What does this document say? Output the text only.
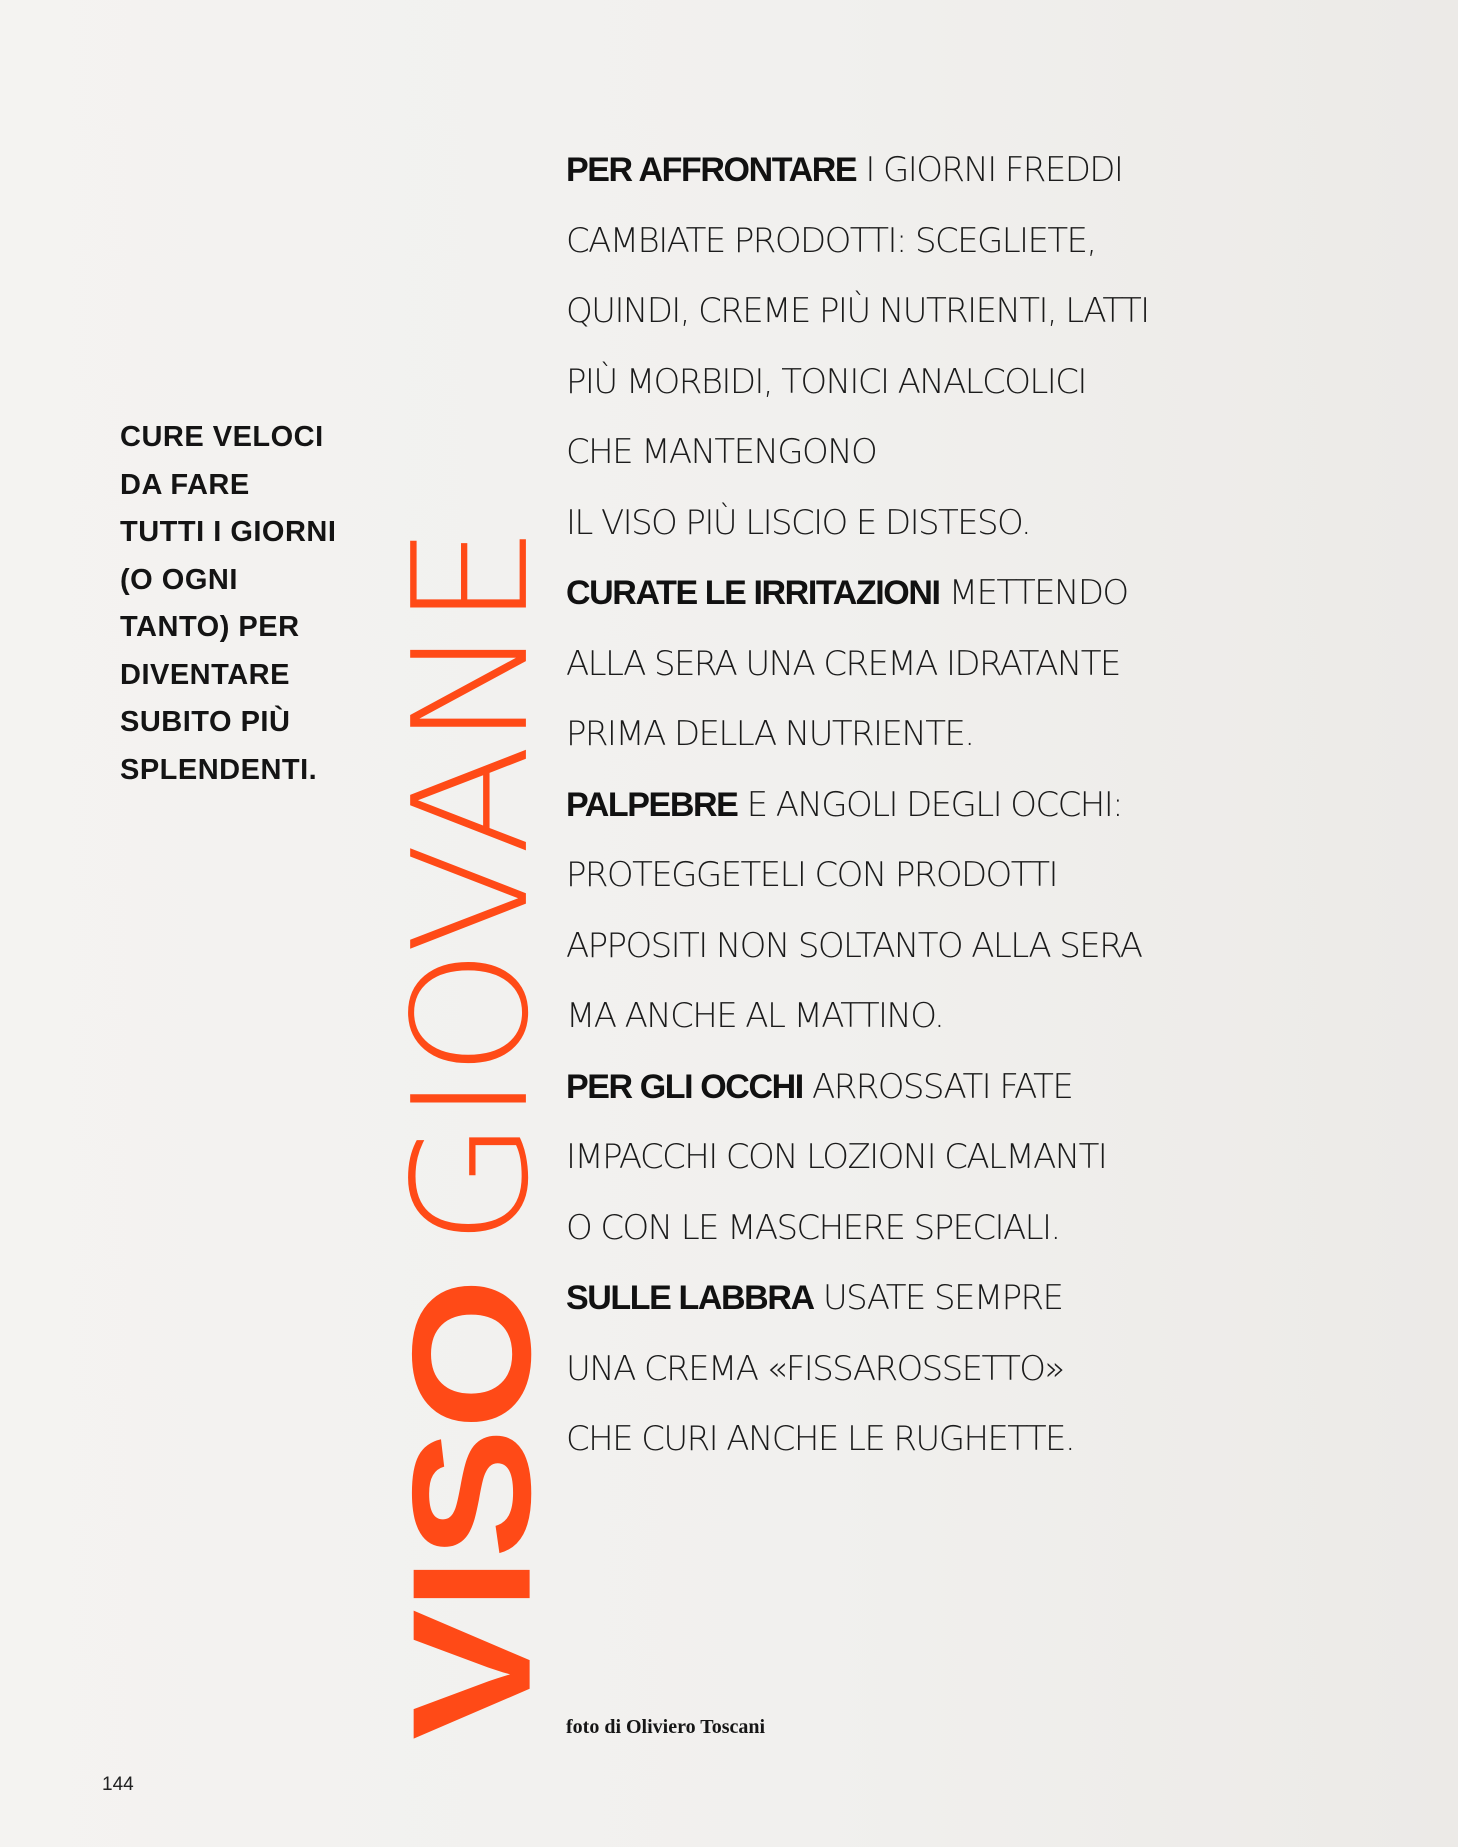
CURE VELOCI
DA FARE
TUTTI I GIORNI
(O OGNI
TANTO) PER
DIVENTARE
SUBITO PIÙ
SPLENDENTI.
VISOGIOVANE
PER AFFRONTARE I GIORNI FREDDI
CAMBIATE PRODOTTI: SCEGLIETE,
QUINDI, CREME PIÙ NUTRIENTI, LATTI
PIÙ MORBIDI, TONICI ANALCOLICI
CHE MANTENGONO
IL VISO PIÙ LISCIO E DISTESO.
CURATE LE IRRITAZIONI METTENDO
ALLA SERA UNA CREMA IDRATANTE
PRIMA DELLA NUTRIENTE.
PALPEBRE E ANGOLI DEGLI OCCHI:
PROTEGGETELI CON PRODOTTI
APPOSITI NON SOLTANTO ALLA SERA
MA ANCHE AL MATTINO.
PER GLI OCCHI ARROSSATI FATE
IMPACCHI CON LOZIONI CALMANTI
O CON LE MASCHERE SPECIALI.
SULLE LABBRA USATE SEMPRE
UNA CREMA «FISSAROSSETTO»
CHE CURI ANCHE LE RUGHETTE.
foto di Oliviero Toscani
144
